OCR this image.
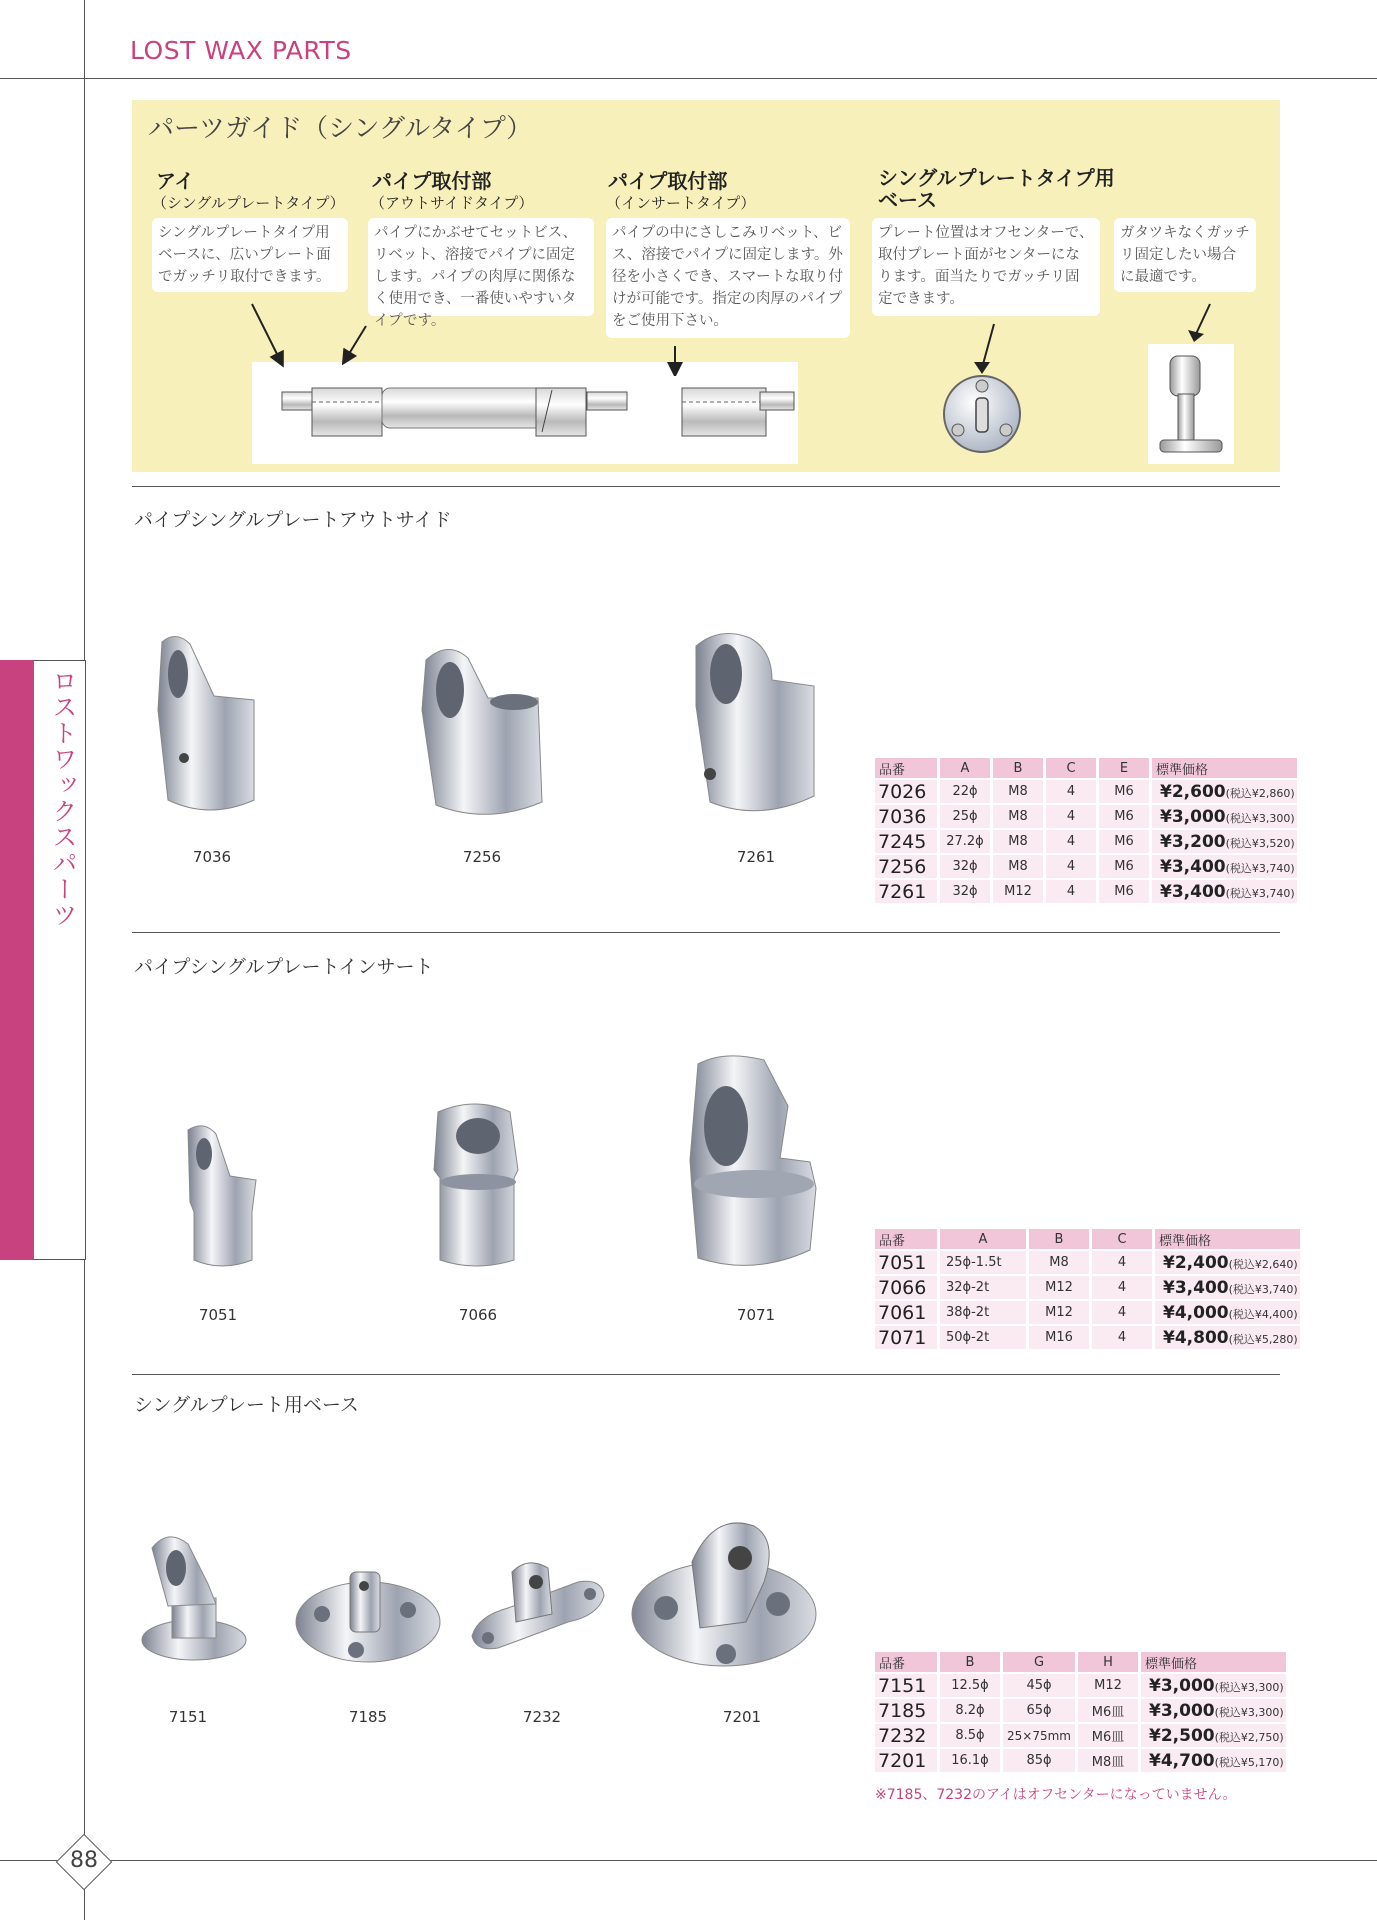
LOST WAX PARTS
ロストワックスパーツ
88
パーツガイド（シングルタイプ）
アイ
（シングルプレートタイプ）
シングルプレートタイプ用ベースに、広いプレート面でガッチリ取付できます。
パイプ取付部
（アウトサイドタイプ）
パイプにかぶせてセットビス、リベット、溶接でパイプに固定します。パイプの肉厚に関係なく使用でき、一番使いやすいタイプです。
パイプ取付部
（インサートタイプ）
パイプの中にさしこみリベット、ビス、溶接でパイプに固定します。外径を小さくでき、スマートな取り付けが可能です。指定の肉厚のパイプをご使用下さい。
シングルプレートタイプ用ベース
プレート位置はオフセンターで、取付プレート面がセンターになります。面当たりでガッチリ固定できます。
ガタツキなくガッチリ固定したい場合に最適です。
パイプシングルプレートアウトサイド
7036	7256	7261
品番	A	B	C	E	標準価格
7026	22ϕ	M8	4	M6	¥2,600(税込¥2,860)
7036	25ϕ	M8	4	M6	¥3,000(税込¥3,300)
7245	27.2ϕ	M8	4	M6	¥3,200(税込¥3,520)
7256	32ϕ	M8	4	M6	¥3,400(税込¥3,740)
7261	32ϕ	M12	4	M6	¥3,400(税込¥3,740)
パイプシングルプレートインサート
7051	7066	7071
品番	A	B	C	標準価格
7051	25ϕ-1.5t	M8	4	¥2,400(税込¥2,640)
7066	32ϕ-2t	M12	4	¥3,400(税込¥3,740)
7061	38ϕ-2t	M12	4	¥4,000(税込¥4,400)
7071	50ϕ-2t	M16	4	¥4,800(税込¥5,280)
シングルプレート用ベース
7151	7185	7232	7201
品番	B	G	H	標準価格
7151	12.5ϕ	45ϕ	M12	¥3,000(税込¥3,300)
7185	8.2ϕ	65ϕ	M6皿	¥3,000(税込¥3,300)
7232	8.5ϕ	25×75mm	M6皿	¥2,500(税込¥2,750)
7201	16.1ϕ	85ϕ	M8皿	¥4,700(税込¥5,170)
※7185、7232のアイはオフセンターになっていません。
